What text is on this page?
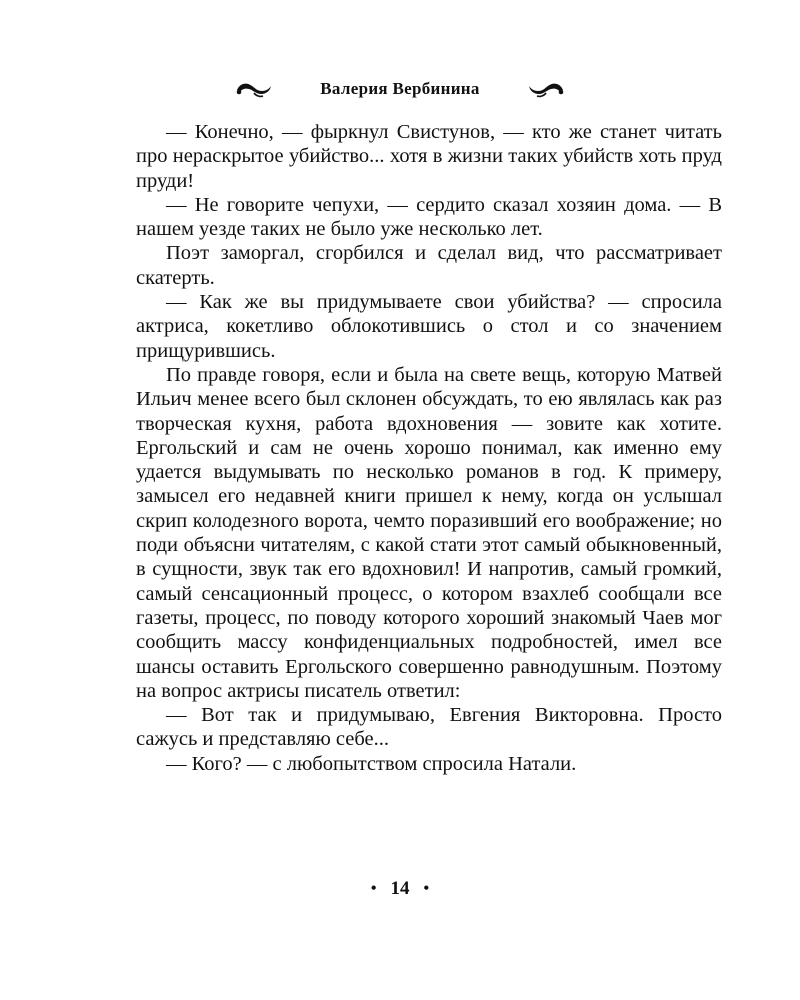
Валерия Вербинина

— Конечно, — фыркнул Свистунов, — кто же станет читать про нераскрытое убийство... хотя в жизни таких убийств хоть пруд пруди!

— Не говорите чепухи, — сердито сказал хозяин дома. — В нашем уезде таких не было уже несколько лет.

Поэт заморгал, сгорбился и сделал вид, что рассматривает скатерть.

— Как же вы придумываете свои убийства? — спросила актриса, кокетливо облокотившись о стол и со значением прищурившись.

По правде говоря, если и была на свете вещь, которую Матвей Ильич менее всего был склонен обсуждать, то ею являлась как раз творческая кухня, работа вдохновения — зовите как хотите. Ергольский и сам не очень хорошо понимал, как именно ему удается выдумывать по несколько романов в год. К примеру, замысел его недавней книги пришел к нему, когда он услышал скрип колодезного ворота, чемто поразивший его воображение; но поди объясни читателям, с какой стати этот самый обыкновенный, в сущности, звук так его вдохновил! И напротив, самый громкий, самый сенсационный процесс, о котором взахлеб сообщали все газеты, процесс, по поводу которого хороший знакомый Чаев мог сообщить массу конфиденциальных подробностей, имел все шансы оставить Ергольского совершенно равнодушным. Поэтому на вопрос актрисы писатель ответил:

— Вот так и придумываю, Евгения Викторовна. Просто сажусь и представляю себе...

— Кого? — с любопытством спросила Натали.

• 14 •
